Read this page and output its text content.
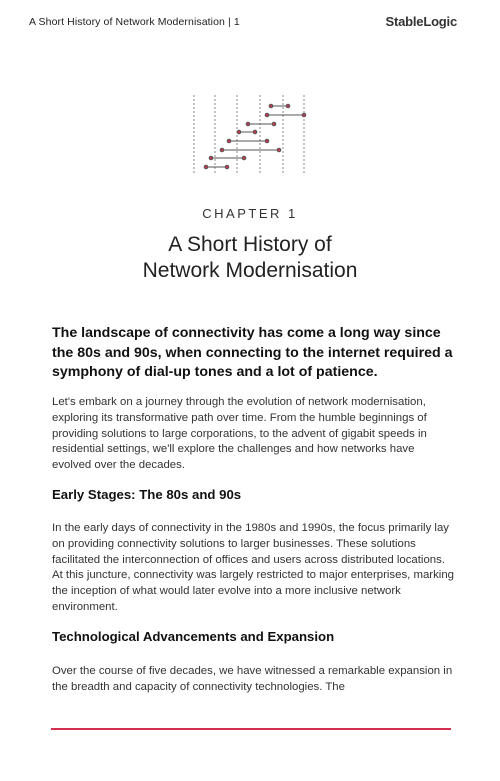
A Short History of Network Modernisation | 1	StableLogic
CHAPTER 1
A Short History of
Network Modernisation

The landscape of connectivity has come a long way since the 80s and 90s, when connecting to the internet required a symphony of dial-up tones and a lot of patience.

Let's embark on a journey through the evolution of network modernisation, exploring its transformative path over time. From the humble beginnings of providing solutions to large corporations, to the advent of gigabit speeds in residential settings, we'll explore the challenges and how networks have evolved over the decades.

Early Stages: The 80s and 90s

In the early days of connectivity in the 1980s and 1990s, the focus primarily lay on providing connectivity solutions to larger businesses. These solutions facilitated the interconnection of offices and users across distributed locations. At this juncture, connectivity was largely restricted to major enterprises, marking the inception of what would later evolve into a more inclusive network environment.

Technological Advancements and Expansion

Over the course of five decades, we have witnessed a remarkable expansion in the breadth and capacity of connectivity technologies. The
